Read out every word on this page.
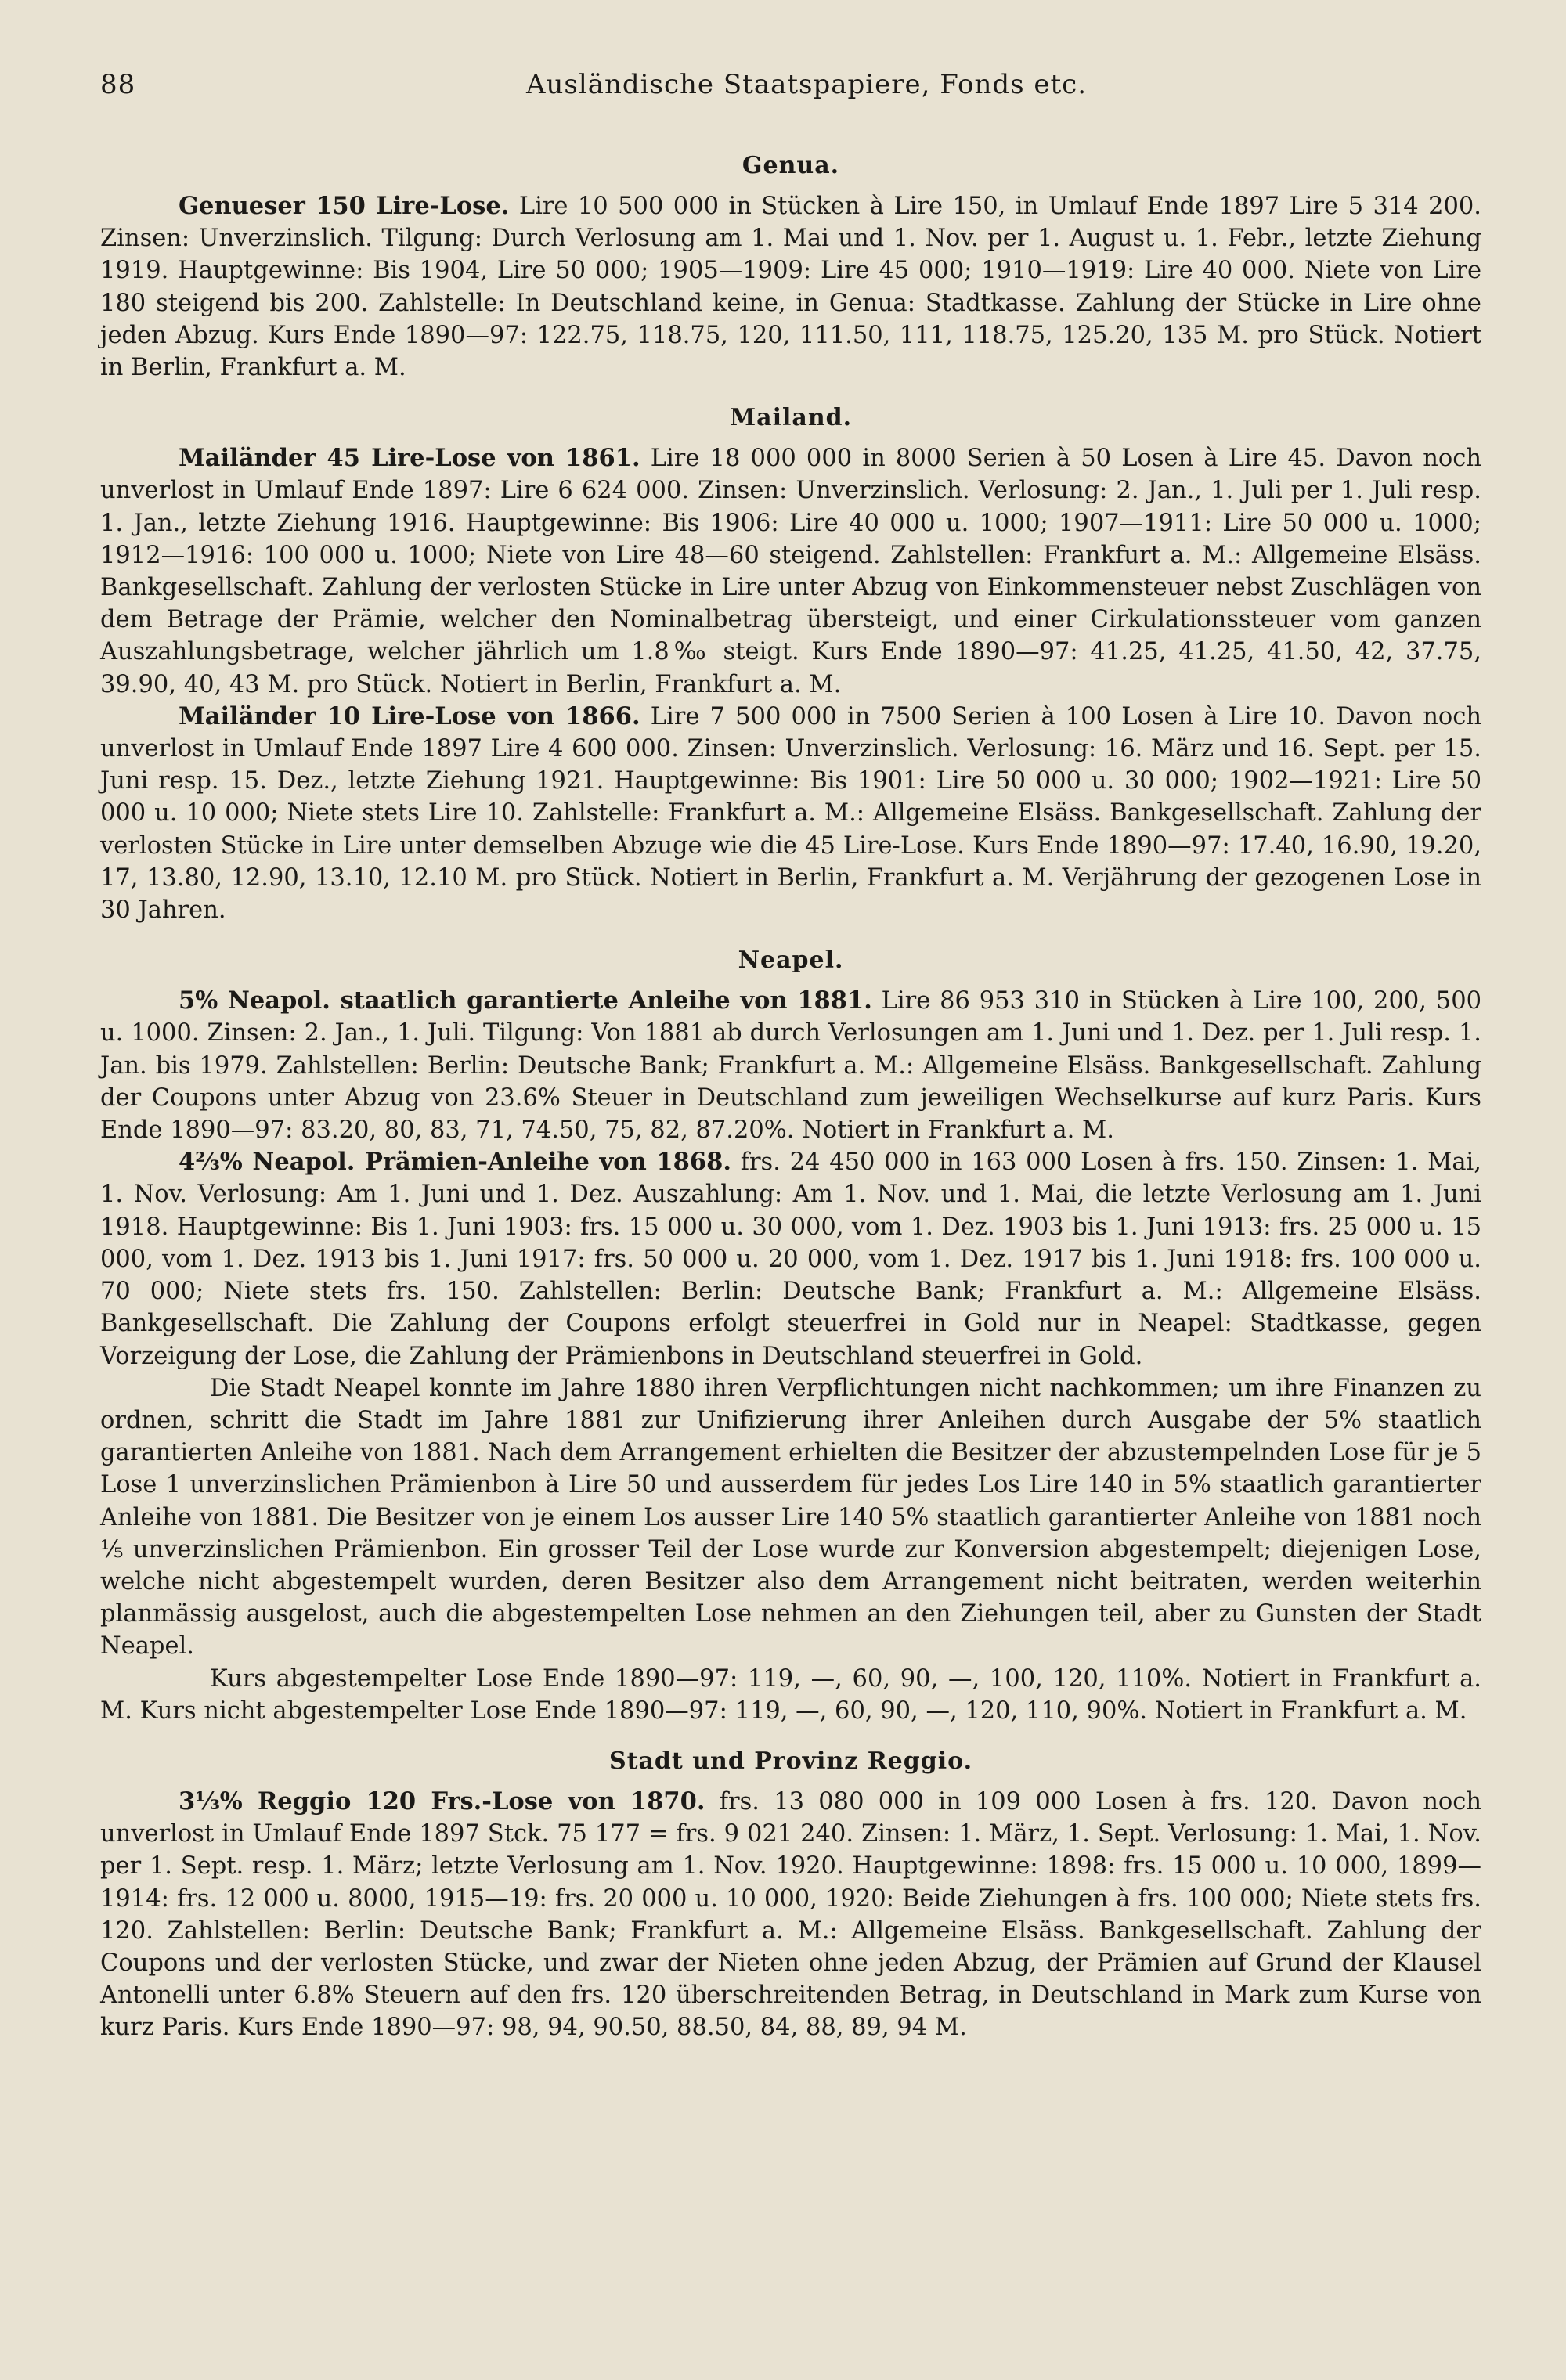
88	Ausländische Staatspapiere, Fonds etc.
Genua.

Genueser 150 Lire-Lose. Lire 10 500 000 in Stücken à Lire 150, in Umlauf Ende 1897 Lire 5 314 200. Zinsen: Unverzinslich. Tilgung: Durch Verlosung am 1. Mai und 1. Nov. per 1. August u. 1. Febr., letzte Ziehung 1919. Hauptgewinne: Bis 1904, Lire 50 000; 1905—1909: Lire 45 000; 1910—1919: Lire 40 000. Niete von Lire 180 steigend bis 200. Zahlstelle: In Deutschland keine, in Genua: Stadtkasse. Zahlung der Stücke in Lire ohne jeden Abzug. Kurs Ende 1890—97: 122.75, 118.75, 120, 111.50, 111, 118.75, 125.20, 135 M. pro Stück. Notiert in Berlin, Frankfurt a. M.

Mailand.

Mailänder 45 Lire-Lose von 1861. Lire 18 000 000 in 8000 Serien à 50 Losen à Lire 45. Davon noch unverlost in Umlauf Ende 1897: Lire 6 624 000. Zinsen: Unverzinslich. Verlosung: 2. Jan., 1. Juli per 1. Juli resp. 1. Jan., letzte Ziehung 1916. Hauptgewinne: Bis 1906: Lire 40 000 u. 1000; 1907—1911: Lire 50 000 u. 1000; 1912—1916: 100 000 u. 1000; Niete von Lire 48—60 steigend. Zahlstellen: Frankfurt a. M.: Allgemeine Elsäss. Bankgesellschaft. Zahlung der verlosten Stücke in Lire unter Abzug von Einkommensteuer nebst Zuschlägen von dem Betrage der Prämie, welcher den Nominalbetrag übersteigt, und einer Cirkulationssteuer vom ganzen Auszahlungsbetrage, welcher jährlich um 1.8‰ steigt. Kurs Ende 1890—97: 41.25, 41.25, 41.50, 42, 37.75, 39.90, 40, 43 M. pro Stück. Notiert in Berlin, Frankfurt a. M.

Mailänder 10 Lire-Lose von 1866. Lire 7 500 000 in 7500 Serien à 100 Losen à Lire 10. Davon noch unverlost in Umlauf Ende 1897 Lire 4 600 000. Zinsen: Unverzinslich. Verlosung: 16. März und 16. Sept. per 15. Juni resp. 15. Dez., letzte Ziehung 1921. Hauptgewinne: Bis 1901: Lire 50 000 u. 30 000; 1902—1921: Lire 50 000 u. 10 000; Niete stets Lire 10. Zahlstelle: Frankfurt a. M.: Allgemeine Elsäss. Bankgesellschaft. Zahlung der verlosten Stücke in Lire unter demselben Abzuge wie die 45 Lire-Lose. Kurs Ende 1890—97: 17.40, 16.90, 19.20, 17, 13.80, 12.90, 13.10, 12.10 M. pro Stück. Notiert in Berlin, Frankfurt a. M. Verjährung der gezogenen Lose in 30 Jahren.

Neapel.

5% Neapol. staatlich garantierte Anleihe von 1881. Lire 86 953 310 in Stücken à Lire 100, 200, 500 u. 1000. Zinsen: 2. Jan., 1. Juli. Tilgung: Von 1881 ab durch Verlosungen am 1. Juni und 1. Dez. per 1. Juli resp. 1. Jan. bis 1979. Zahlstellen: Berlin: Deutsche Bank; Frankfurt a. M.: Allgemeine Elsäss. Bankgesellschaft. Zahlung der Coupons unter Abzug von 23.6% Steuer in Deutschland zum jeweiligen Wechselkurse auf kurz Paris. Kurs Ende 1890—97: 83.20, 80, 83, 71, 74.50, 75, 82, 87.20%. Notiert in Frankfurt a. M.

4⅔% Neapol. Prämien-Anleihe von 1868. frs. 24 450 000 in 163 000 Losen à frs. 150. Zinsen: 1. Mai, 1. Nov. Verlosung: Am 1. Juni und 1. Dez. Auszahlung: Am 1. Nov. und 1. Mai, die letzte Verlosung am 1. Juni 1918. Hauptgewinne: Bis 1. Juni 1903: frs. 15 000 u. 30 000, vom 1. Dez. 1903 bis 1. Juni 1913: frs. 25 000 u. 15 000, vom 1. Dez. 1913 bis 1. Juni 1917: frs. 50 000 u. 20 000, vom 1. Dez. 1917 bis 1. Juni 1918: frs. 100 000 u. 70 000; Niete stets frs. 150. Zahlstellen: Berlin: Deutsche Bank; Frankfurt a. M.: Allgemeine Elsäss. Bankgesellschaft. Die Zahlung der Coupons erfolgt steuerfrei in Gold nur in Neapel: Stadtkasse, gegen Vorzeigung der Lose, die Zahlung der Prämienbons in Deutschland steuerfrei in Gold.

Die Stadt Neapel konnte im Jahre 1880 ihren Verpflichtungen nicht nachkommen; um ihre Finanzen zu ordnen, schritt die Stadt im Jahre 1881 zur Unifizierung ihrer Anleihen durch Ausgabe der 5% staatlich garantierten Anleihe von 1881. Nach dem Arrangement erhielten die Besitzer der abzustempelnden Lose für je 5 Lose 1 unverzinslichen Prämienbon à Lire 50 und ausserdem für jedes Los Lire 140 in 5% staatlich garantierter Anleihe von 1881. Die Besitzer von je einem Los ausser Lire 140 5% staatlich garantierter Anleihe von 1881 noch ⅕ unverzinslichen Prämienbon. Ein grosser Teil der Lose wurde zur Konversion abgestempelt; diejenigen Lose, welche nicht abgestempelt wurden, deren Besitzer also dem Arrangement nicht beitraten, werden weiterhin planmässig ausgelost, auch die abgestempelten Lose nehmen an den Ziehungen teil, aber zu Gunsten der Stadt Neapel.

Kurs abgestempelter Lose Ende 1890—97: 119, —, 60, 90, —, 100, 120, 110%. Notiert in Frankfurt a. M. Kurs nicht abgestempelter Lose Ende 1890—97: 119, —, 60, 90, —, 120, 110, 90%. Notiert in Frankfurt a. M.

Stadt und Provinz Reggio.

3⅓% Reggio 120 Frs.-Lose von 1870. frs. 13 080 000 in 109 000 Losen à frs. 120. Davon noch unverlost in Umlauf Ende 1897 Stck. 75 177 = frs. 9 021 240. Zinsen: 1. März, 1. Sept. Verlosung: 1. Mai, 1. Nov. per 1. Sept. resp. 1. März; letzte Verlosung am 1. Nov. 1920. Hauptgewinne: 1898: frs. 15 000 u. 10 000, 1899—1914: frs. 12 000 u. 8000, 1915—19: frs. 20 000 u. 10 000, 1920: Beide Ziehungen à frs. 100 000; Niete stets frs. 120. Zahlstellen: Berlin: Deutsche Bank; Frankfurt a. M.: Allgemeine Elsäss. Bankgesellschaft. Zahlung der Coupons und der verlosten Stücke, und zwar der Nieten ohne jeden Abzug, der Prämien auf Grund der Klausel Antonelli unter 6.8% Steuern auf den frs. 120 überschreitenden Betrag, in Deutschland in Mark zum Kurse von kurz Paris. Kurs Ende 1890—97: 98, 94, 90.50, 88.50, 84, 88, 89, 94 M.
